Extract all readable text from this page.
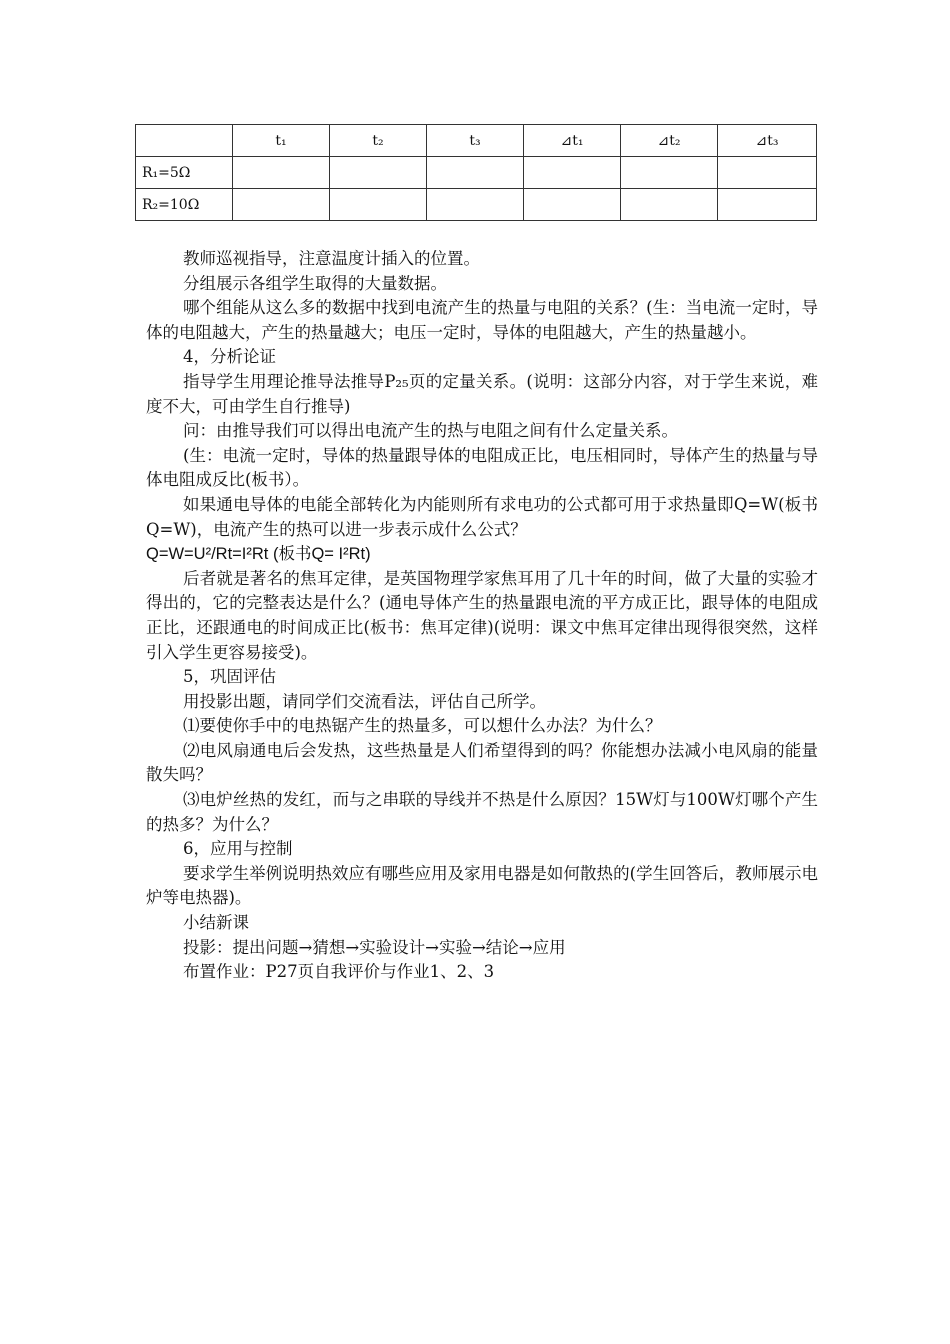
	t₁	t₂	t₃	⊿t₁	⊿t₂	⊿t₃
R₁=5Ω						
R₂=10Ω						

教师巡视指导，注意温度计插入的位置。

分组展示各组学生取得的大量数据。

哪个组能从这么多的数据中找到电流产生的热量与电阻的关系？(生：当电流一定时，导体的电阻越大，产生的热量越大；电压一定时，导体的电阻越大，产生的热量越小。

4，分析论证

指导学生用理论推导法推导P₂₅页的定量关系。(说明：这部分内容，对于学生来说，难度不大，可由学生自行推导)

问：由推导我们可以得出电流产生的热与电阻之间有什么定量关系。

(生：电流一定时，导体的热量跟导体的电阻成正比，电压相同时，导体产生的热量与导体电阻成反比(板书）。

如果通电导体的电能全部转化为内能则所有求电功的公式都可用于求热量即Q=W(板书Q=W)，电流产生的热可以进一步表示成什么公式？

Q=W=U²/Rt=I²Rt (板书Q= I²Rt)

后者就是著名的焦耳定律，是英国物理学家焦耳用了几十年的时间，做了大量的实验才得出的，它的完整表达是什么？(通电导体产生的热量跟电流的平方成正比，跟导体的电阻成正比，还跟通电的时间成正比(板书：焦耳定律)(说明：课文中焦耳定律出现得很突然，这样引入学生更容易接受)。

5，巩固评估

用投影出题，请同学们交流看法，评估自己所学。

⑴要使你手中的电热锯产生的热量多，可以想什么办法？为什么？

⑵电风扇通电后会发热，这些热量是人们希望得到的吗？你能想办法减小电风扇的能量散失吗？

⑶电炉丝热的发红，而与之串联的导线并不热是什么原因？15W灯与100W灯哪个产生的热多？为什么？

6，应用与控制

要求学生举例说明热效应有哪些应用及家用电器是如何散热的(学生回答后，教师展示电炉等电热器)。

小结新课

投影：提出问题→猜想→实验设计→实验→结论→应用

布置作业：P27页自我评价与作业1、2、3
